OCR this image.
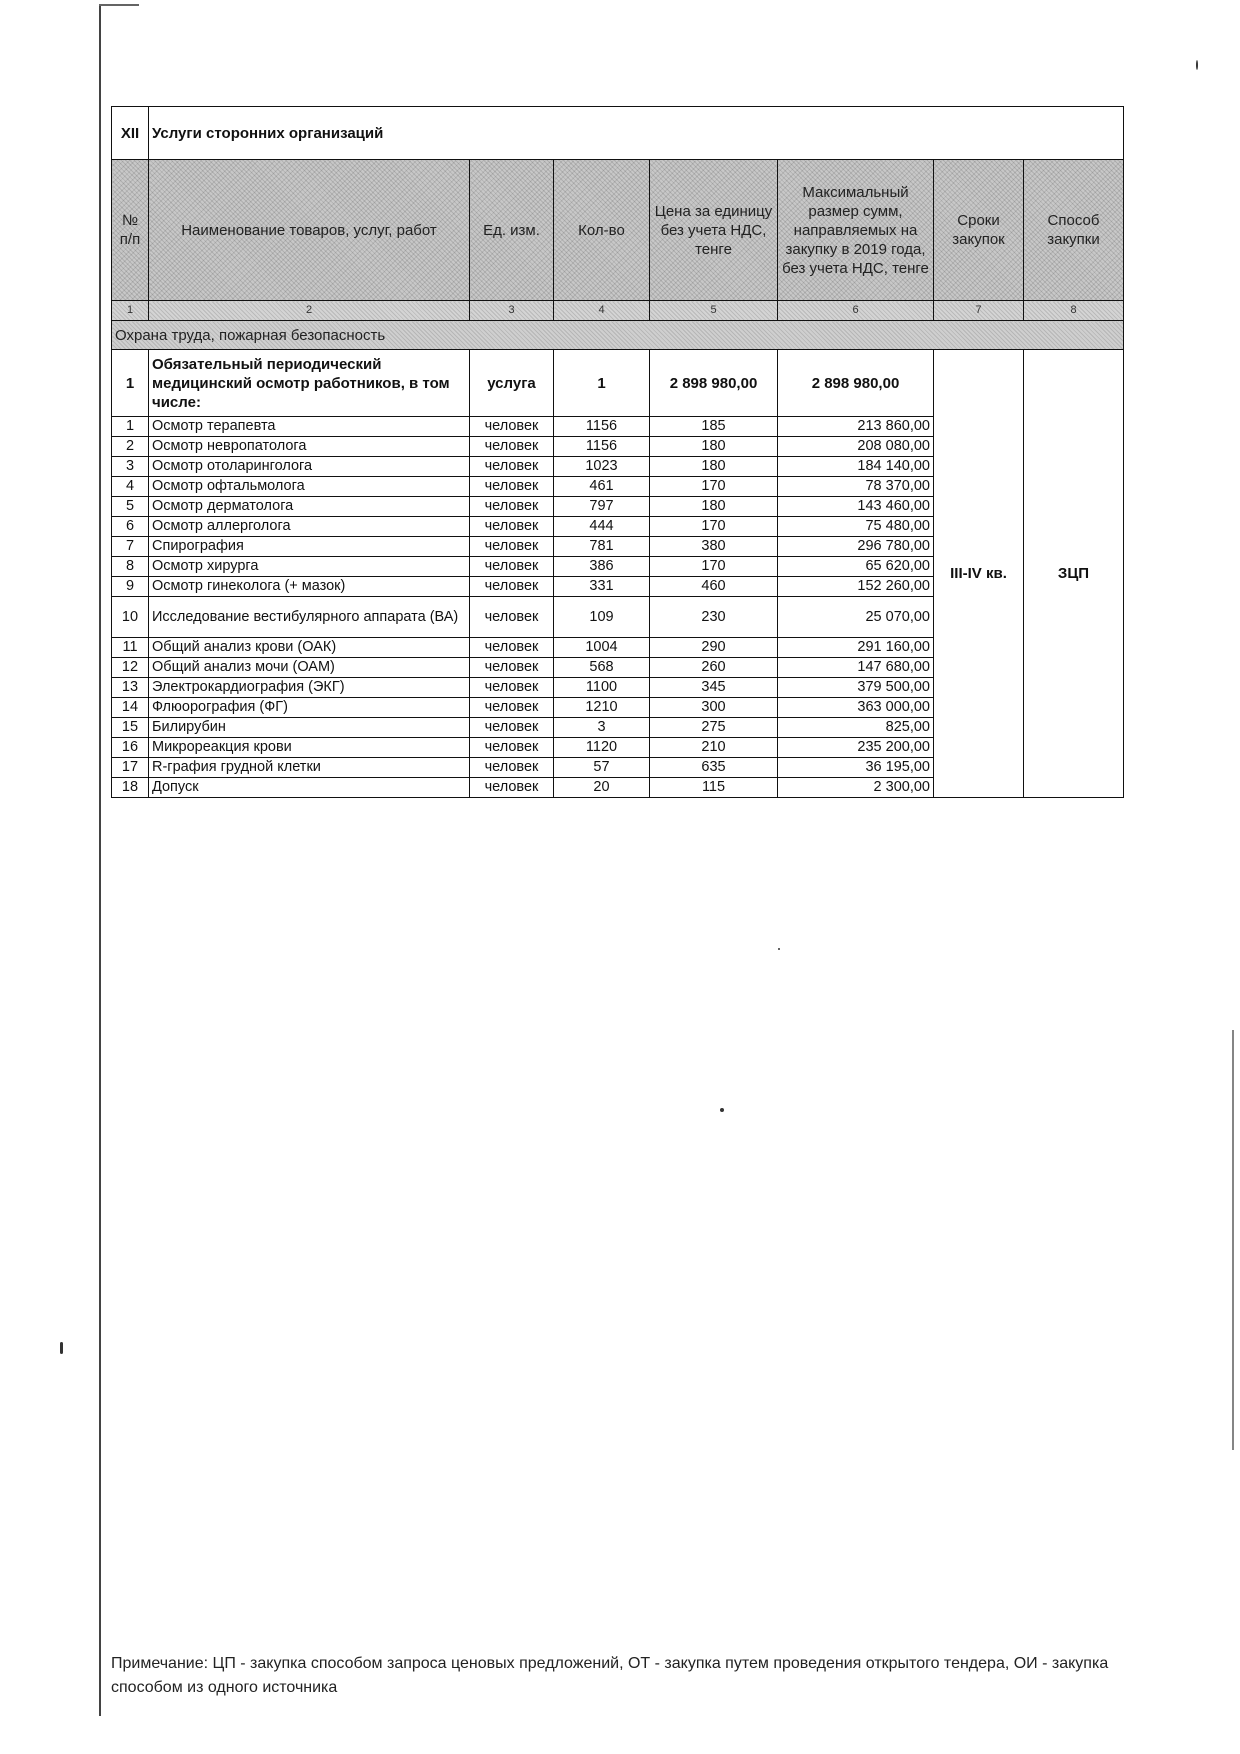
XII	Услуги сторонних организаций						
№ п/п	Наименование товаров, услуг, работ	Ед. изм.	Кол-во	Цена за единицу без учета НДС, тенге	Максимальный размер сумм, направляемых на закупку в 2019 года, без учета НДС, тенге	Сроки закупок	Способ закупки
1	2	3	4	5	6	7	8
Охрана труда, пожарная безопасность							
1	Обязательный периодический медицинский осмотр работников, в том числе:	услуга	1	2 898 980,00	2 898 980,00	III-IV кв.	ЗЦП
1	Осмотр терапевта	человек	1156	185	213 860,00		
2	Осмотр невропатолога	человек	1156	180	208 080,00		
3	Осмотр отоларинголога	человек	1023	180	184 140,00		
4	Осмотр офтальмолога	человек	461	170	78 370,00		
5	Осмотр дерматолога	человек	797	180	143 460,00		
6	Осмотр аллерголога	человек	444	170	75 480,00		
7	Спирография	человек	781	380	296 780,00		
8	Осмотр хирурга	человек	386	170	65 620,00		
9	Осмотр гинеколога (+ мазок)	человек	331	460	152 260,00		
10	Исследование вестибулярного аппарата (ВА)	человек	109	230	25 070,00		
11	Общий анализ крови (ОАК)	человек	1004	290	291 160,00		
12	Общий анализ мочи (ОАМ)	человек	568	260	147 680,00		
13	Электрокардиография (ЭКГ)	человек	1100	345	379 500,00		
14	Флюорография (ФГ)	человек	1210	300	363 000,00		
15	Билирубин	человек	3	275	825,00		
16	Микрореакция крови	человек	1120	210	235 200,00		
17	R-графия грудной клетки	человек	57	635	36 195,00		
18	Допуск	человек	20	115	2 300,00		
Примечание: ЦП - закупка способом запроса ценовых предложений, ОТ - закупка путем проведения открытого тендера, ОИ - закупка способом из одного источника
